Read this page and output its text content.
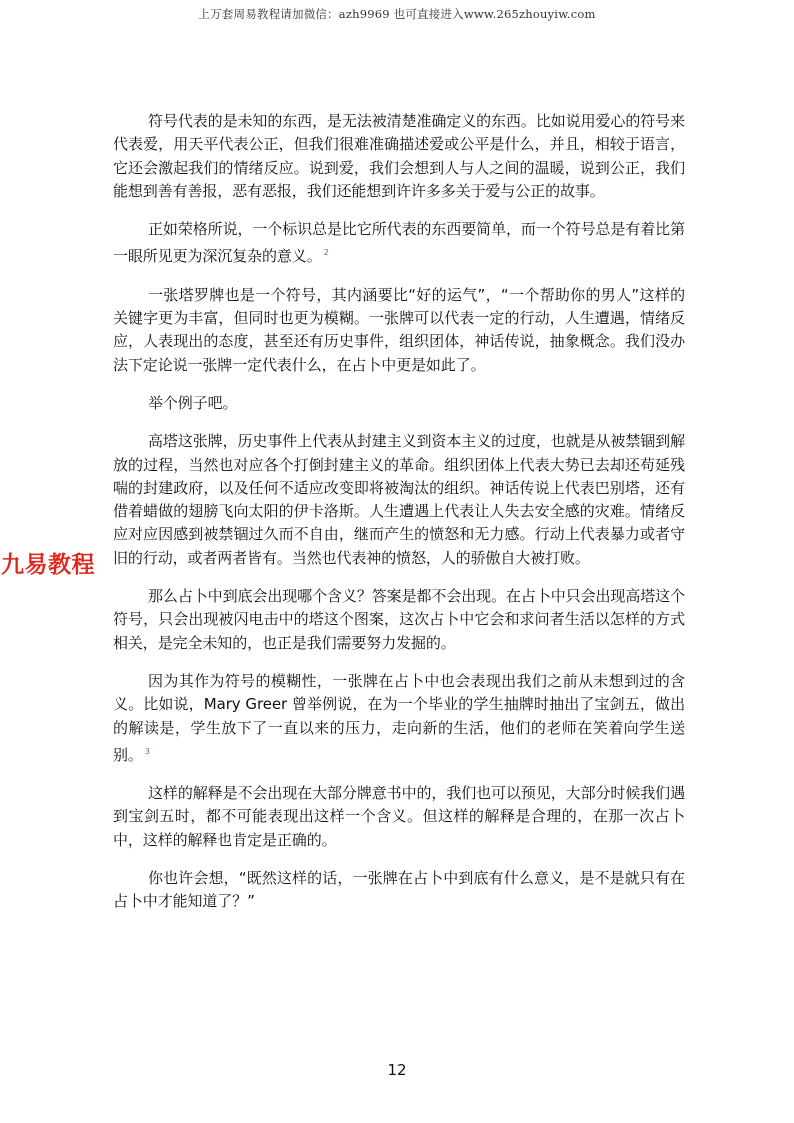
上万套周易教程请加微信：azh9969 也可直接进入www.265zhouyiw.com
九易教程

符号代表的是未知的东西，是无法被清楚准确定义的东西。比如说用爱心的符号来代表爱，用天平代表公正，但我们很难准确描述爱或公平是什么，并且，相较于语言，它还会激起我们的情绪反应。说到爱，我们会想到人与人之间的温暖，说到公正，我们能想到善有善报，恶有恶报，我们还能想到许许多多关于爱与公正的故事。

正如荣格所说，一个标识总是比它所代表的东西要简单，而一个符号总是有着比第一眼所见更为深沉复杂的意义。 $^2$

一张塔罗牌也是一个符号，其内涵要比“好的运气”，“一个帮助你的男人”这样的关键字更为丰富，但同时也更为模糊。一张牌可以代表一定的行动，人生遭遇，情绪反应，人表现出的态度，甚至还有历史事件，组织团体，神话传说，抽象概念。我们没办法下定论说一张牌一定代表什么，在占卜中更是如此了。

举个例子吧。

高塔这张牌，历史事件上代表从封建主义到资本主义的过度，也就是从被禁锢到解放的过程，当然也对应各个打倒封建主义的革命。组织团体上代表大势已去却还苟延残喘的封建政府，以及任何不适应改变即将被淘汰的组织。神话传说上代表巴别塔，还有借着蜡做的翅膀飞向太阳的伊卡洛斯。人生遭遇上代表让人失去安全感的灾难。情绪反应对应因感到被禁锢过久而不自由，继而产生的愤怒和无力感。行动上代表暴力或者守旧的行动，或者两者皆有。当然也代表神的愤怒，人的骄傲自大被打败。

那么占卜中到底会出现哪个含义？答案是都不会出现。在占卜中只会出现高塔这个符号，只会出现被闪电击中的塔这个图案，这次占卜中它会和求问者生活以怎样的方式相关，是完全未知的，也正是我们需要努力发掘的。

因为其作为符号的模糊性，一张牌在占卜中也会表现出我们之前从未想到过的含义。比如说，Mary Greer 曾举例说，在为一个毕业的学生抽牌时抽出了宝剑五，做出的解读是，学生放下了一直以来的压力，走向新的生活，他们的老师在笑着向学生送别。 $^3$

这样的解释是不会出现在大部分牌意书中的，我们也可以预见，大部分时候我们遇到宝剑五时，都不可能表现出这样一个含义。但这样的解释是合理的，在那一次占卜中，这样的解释也肯定是正确的。

你也许会想，“既然这样的话，一张牌在占卜中到底有什么意义，是不是就只有在占卜中才能知道了？”

12
